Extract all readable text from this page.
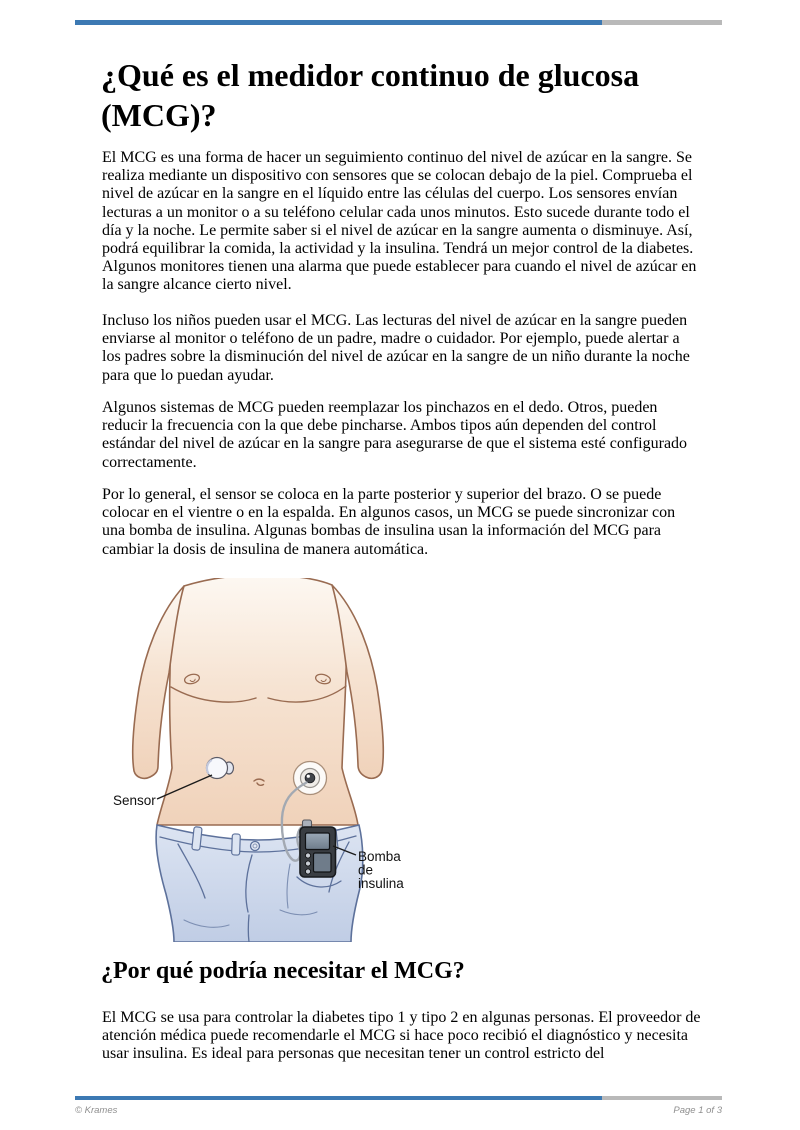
¿Qué es el medidor continuo de glucosa (MCG)?

El MCG es una forma de hacer un seguimiento continuo del nivel de azúcar en la sangre. Se realiza mediante un dispositivo con sensores que se colocan debajo de la piel. Comprueba el nivel de azúcar en la sangre en el líquido entre las células del cuerpo. Los sensores envían lecturas a un monitor o a su teléfono celular cada unos minutos. Esto sucede durante todo el día y la noche. Le permite saber si el nivel de azúcar en la sangre aumenta o disminuye. Así, podrá equilibrar la comida, la actividad y la insulina. Tendrá un mejor control de la diabetes. Algunos monitores tienen una alarma que puede establecer para cuando el nivel de azúcar en la sangre alcance cierto nivel.

Incluso los niños pueden usar el MCG. Las lecturas del nivel de azúcar en la sangre pueden enviarse al monitor o teléfono de un padre, madre o cuidador. Por ejemplo, puede alertar a los padres sobre la disminución del nivel de azúcar en la sangre de un niño durante la noche para que lo puedan ayudar.

Algunos sistemas de MCG pueden reemplazar los pinchazos en el dedo. Otros, pueden reducir la frecuencia con la que debe pincharse. Ambos tipos aún dependen del control estándar del nivel de azúcar en la sangre para asegurarse de que el sistema esté configurado correctamente.

Por lo general, el sensor se coloca en la parte posterior y superior del brazo. O se puede colocar en el vientre o en la espalda. En algunos casos, un MCG se puede sincronizar con una bomba de insulina. Algunas bombas de insulina usan la información del MCG para cambiar la dosis de insulina de manera automática.

Sensor
Bomba
de
insulina
¿Por qué podría necesitar el MCG?

El MCG se usa para controlar la diabetes tipo 1 y tipo 2 en algunas personas. El proveedor de atención médica puede recomendarle el MCG si hace poco recibió el diagnóstico y necesita usar insulina. Es ideal para personas que necesitan tener un control estricto del

© Krames	Page 1 of 3
